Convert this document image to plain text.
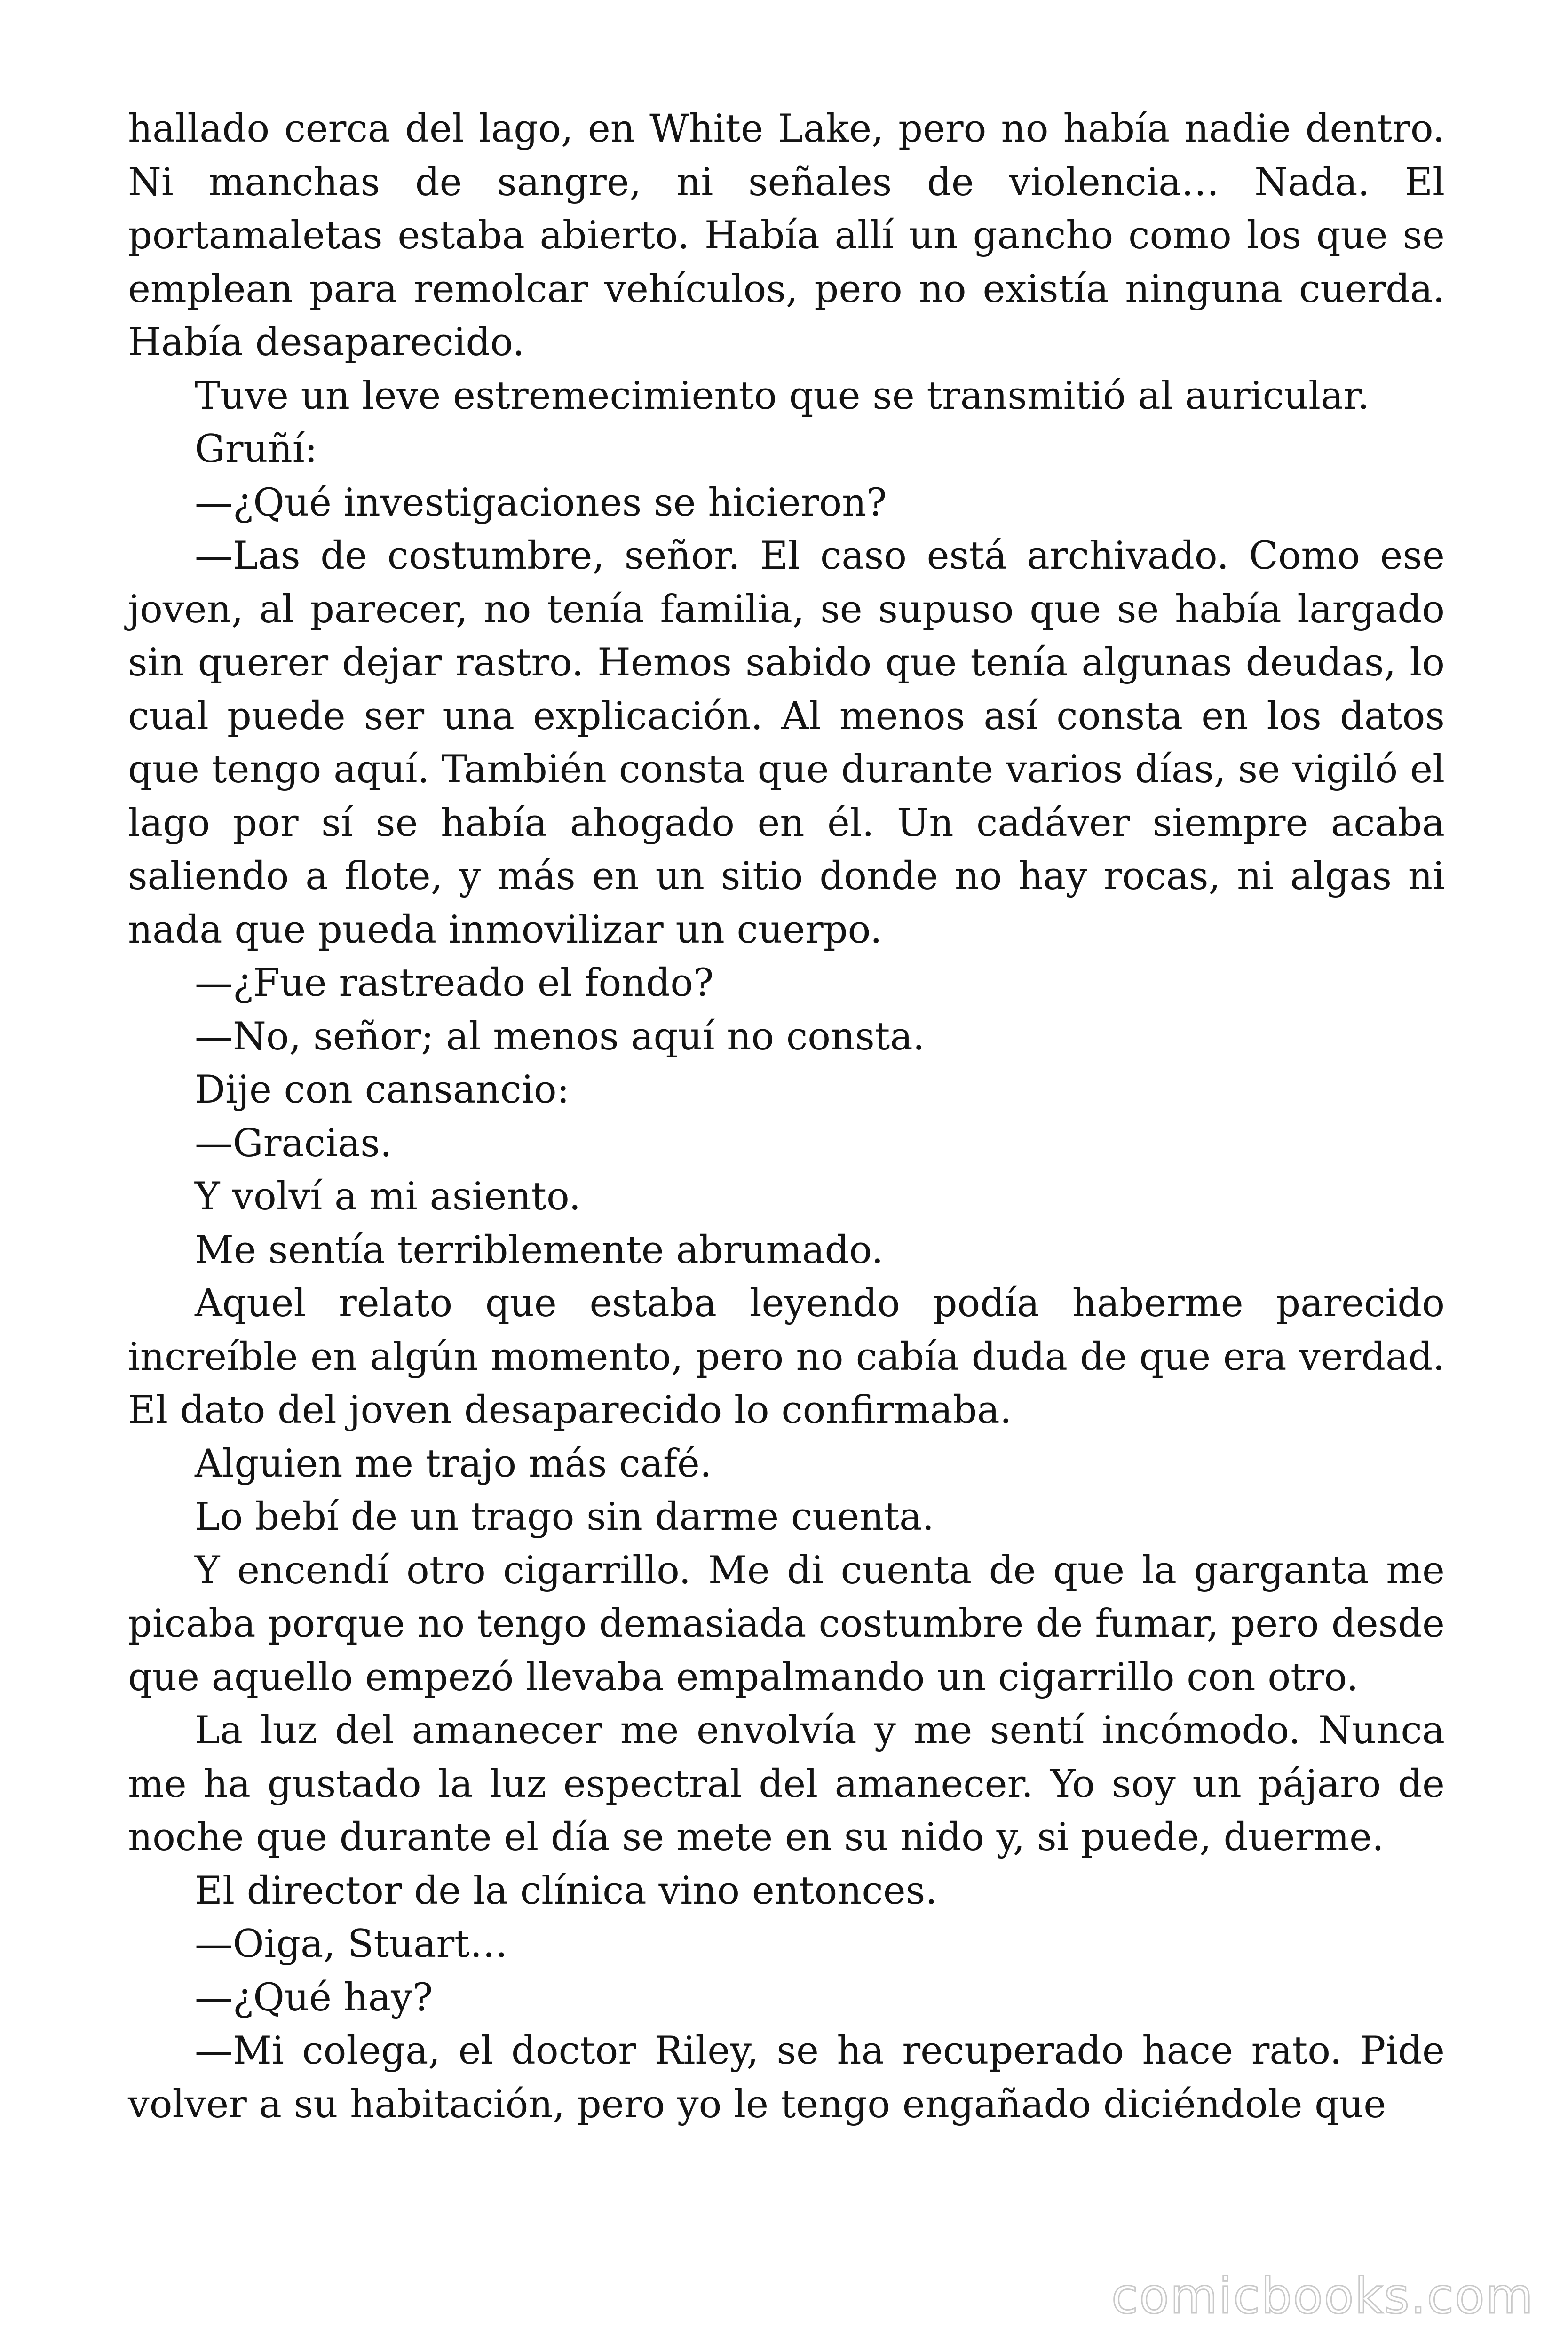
hallado cerca del lago, en White Lake, pero no había nadie dentro. Ni manchas de sangre, ni señales de violencia… Nada. El portamaletas estaba abierto. Había allí un gancho como los que se emplean para remolcar vehículos, pero no existía ninguna cuerda. Había desaparecido.

Tuve un leve estremecimiento que se transmitió al auricular.

Gruñí:

—¿Qué investigaciones se hicieron?

—Las de costumbre, señor. El caso está archivado. Como ese joven, al parecer, no tenía familia, se supuso que se había largado sin querer dejar rastro. Hemos sabido que tenía algunas deudas, lo cual puede ser una explicación. Al menos así consta en los datos que tengo aquí. También consta que durante varios días, se vigiló el lago por sí se había ahogado en él. Un cadáver siempre acaba saliendo a flote, y más en un sitio donde no hay rocas, ni algas ni nada que pueda inmovilizar un cuerpo.

—¿Fue rastreado el fondo?

—No, señor; al menos aquí no consta.

Dije con cansancio:

—Gracias.

Y volví a mi asiento.

Me sentía terriblemente abrumado.

Aquel relato que estaba leyendo podía haberme parecido increíble en algún momento, pero no cabía duda de que era verdad. El dato del joven desaparecido lo confirmaba.

Alguien me trajo más café.

Lo bebí de un trago sin darme cuenta.

Y encendí otro cigarrillo. Me di cuenta de que la garganta me picaba porque no tengo demasiada costumbre de fumar, pero desde que aquello empezó llevaba empalmando un cigarrillo con otro.

La luz del amanecer me envolvía y me sentí incómodo. Nunca me ha gustado la luz espectral del amanecer. Yo soy un pájaro de noche que durante el día se mete en su nido y, si puede, duerme.

El director de la clínica vino entonces.

—Oiga, Stuart…

—¿Qué hay?

—Mi colega, el doctor Riley, se ha recuperado hace rato. Pide volver a su habitación, pero yo le tengo engañado diciéndole que

comicbooks.com
